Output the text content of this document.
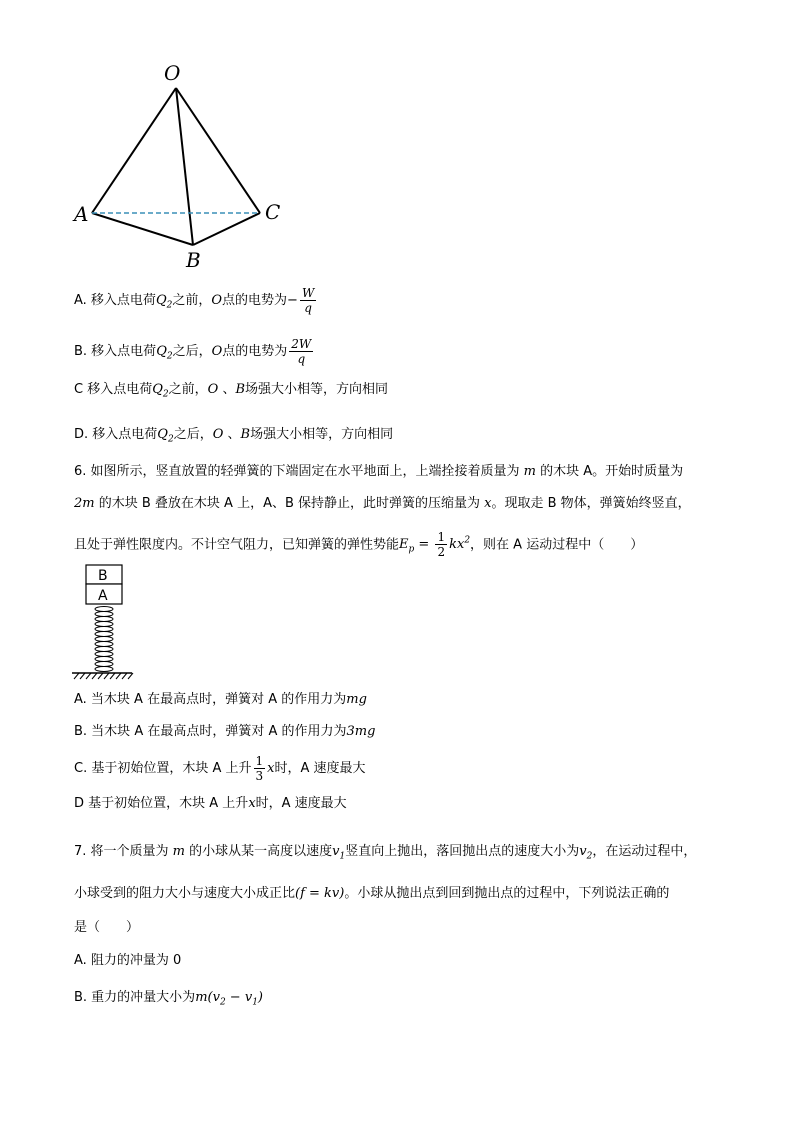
O
A
B
C
A. 移入点电荷$Q_2$之前，O点的电势为− $\frac{W}{q}$
B. 移入点电荷$Q_2$之后，O点的电势为 $\frac{2W}{q}$
C 移入点电荷$Q_2$之前，O 、B场强大小相等，方向相同
D. 移入点电荷$Q_2$之后，O 、B场强大小相等，方向相同
6. 如图所示，竖直放置的轻弹簧的下端固定在水平地面上，上端拴接着质量为 m 的木块 A。开始时质量为
2m 的木块 B 叠放在木块 A 上，A、B 保持静止，此时弹簧的压缩量为 x。现取走 B 物体，弹簧始终竖直，
且处于弹性限度内。不计空气阻力，已知弹簧的弹性势能$E_p = \frac{1}{2} kx^2$，则在 A 运动过程中（　　）
B
A
A. 当木块 A 在最高点时，弹簧对 A 的作用力为mg
B. 当木块 A 在最高点时，弹簧对 A 的作用力为3mg
C. 基于初始位置，木块 A 上升 $\frac{1}{3}$ x时，A 速度最大
D 基于初始位置，木块 A 上升x时，A 速度最大
7. 将一个质量为 m 的小球从某一高度以速度$v_1$竖直向上抛出，落回抛出点的速度大小为$v_2$，在运动过程中，
小球受到的阻力大小与速度大小成正比(f = kv)。小球从抛出点到回到抛出点的过程中，下列说法正确的
是（　　）
A. 阻力的冲量为 0
B. 重力的冲量大小为$m(v_2 - v_1)$
